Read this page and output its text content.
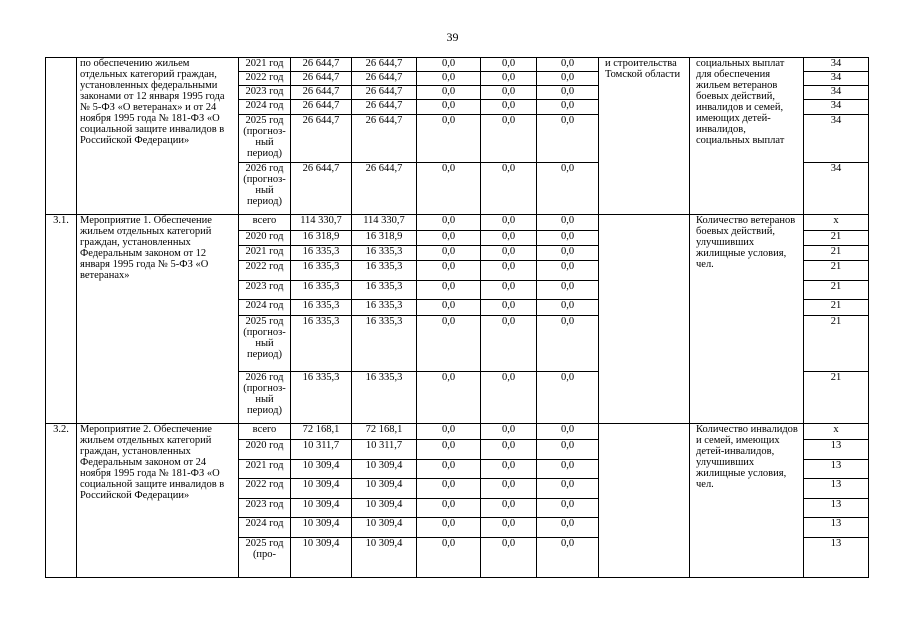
39
	по обеспечению жильем отдельных категорий граждан, установленных федеральными законами от 12 января 1995 года № 5-ФЗ «О ветеранах» и от 24 ноября 1995 года № 181-ФЗ «О социальной защите инвалидов в Российской Федерации»	2021 год	26 644,7	26 644,7	0,0	0,0	0,0	и строительства Томской области	социальных выплат для обеспечения жильем ветеранов боевых действий, инвалидов и семей, имеющих детей-инвалидов, социальных выплат	34
		2022 год	26 644,7	26 644,7	0,0	0,0	0,0			34
		2023 год	26 644,7	26 644,7	0,0	0,0	0,0			34
		2024 год	26 644,7	26 644,7	0,0	0,0	0,0			34
		2025 год (прогноз-ный период)	26 644,7	26 644,7	0,0	0,0	0,0			34
		2026 год (прогноз-ный период)	26 644,7	26 644,7	0,0	0,0	0,0			34
3.1.	Мероприятие 1. Обеспечение жильем отдельных категорий граждан, установленных Федеральным законом от 12 января 1995 года № 5-ФЗ «О ветеранах»	всего	114 330,7	114 330,7	0,0	0,0	0,0		Количество ветеранов боевых действий, улучшивших жилищные условия, чел.	х
		2020 год	16 318,9	16 318,9	0,0	0,0	0,0			21
		2021 год	16 335,3	16 335,3	0,0	0,0	0,0			21
		2022 год	16 335,3	16 335,3	0,0	0,0	0,0			21
		2023 год	16 335,3	16 335,3	0,0	0,0	0,0			21
		2024 год	16 335,3	16 335,3	0,0	0,0	0,0			21
		2025 год (прогноз-ный период)	16 335,3	16 335,3	0,0	0,0	0,0			21
		2026 год (прогноз-ный период)	16 335,3	16 335,3	0,0	0,0	0,0			21
3.2.	Мероприятие 2. Обеспечение жильем отдельных категорий граждан, установленных Федеральным законом от 24 ноября 1995 года № 181-ФЗ «О социальной защите инвалидов в Российской Федерации»	всего	72 168,1	72 168,1	0,0	0,0	0,0		Количество инвалидов и семей, имеющих детей-инвалидов, улучшивших жилищные условия, чел.	х
		2020 год	10 311,7	10 311,7	0,0	0,0	0,0			13
		2021 год	10 309,4	10 309,4	0,0	0,0	0,0			13
		2022 год	10 309,4	10 309,4	0,0	0,0	0,0			13
		2023 год	10 309,4	10 309,4	0,0	0,0	0,0			13
		2024 год	10 309,4	10 309,4	0,0	0,0	0,0			13
		2025 год (про-	10 309,4	10 309,4	0,0	0,0	0,0			13
